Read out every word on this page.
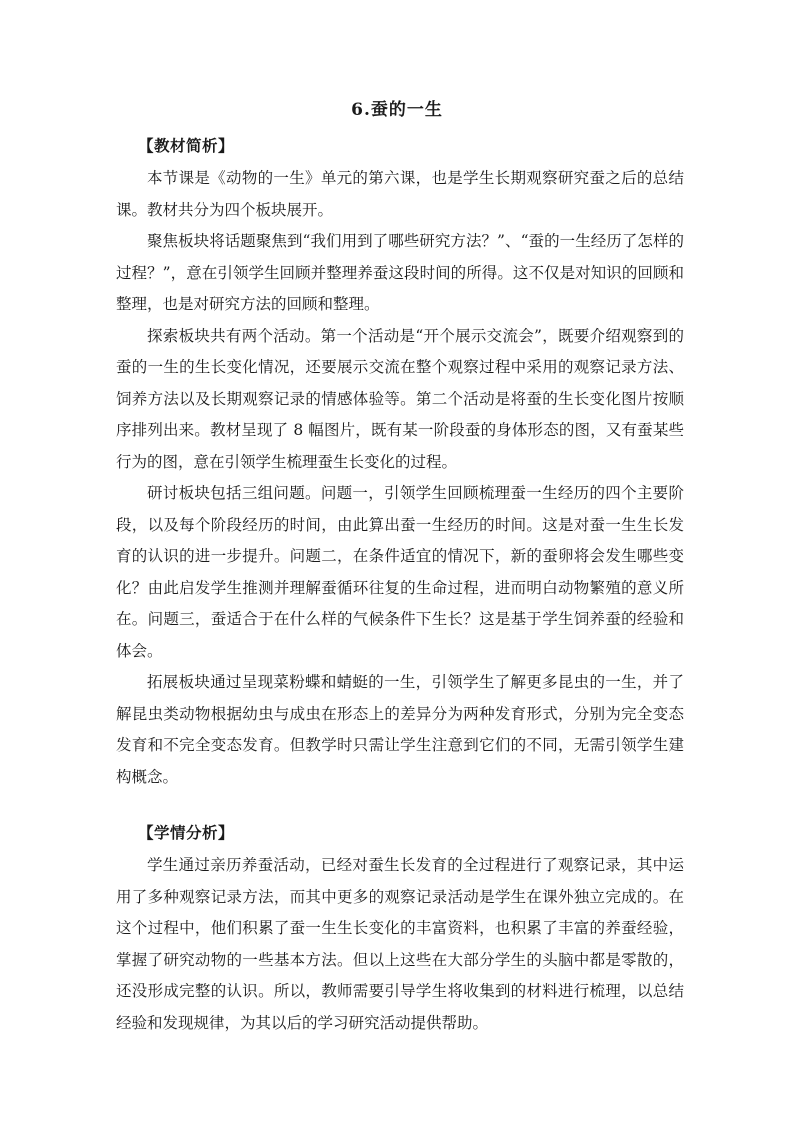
6.蚕的一生
【教材简析】

本节课是《动物的一生》单元的第六课，也是学生长期观察研究蚕之后的总结课。教材共分为四个板块展开。

聚焦板块将话题聚焦到“我们用到了哪些研究方法？”、“蚕的一生经历了怎样的过程？”，意在引领学生回顾并整理养蚕这段时间的所得。这不仅是对知识的回顾和整理，也是对研究方法的回顾和整理。

探索板块共有两个活动。第一个活动是“开个展示交流会”，既要介绍观察到的蚕的一生的生长变化情况，还要展示交流在整个观察过程中采用的观察记录方法、饲养方法以及长期观察记录的情感体验等。第二个活动是将蚕的生长变化图片按顺序排列出来。教材呈现了 8 幅图片，既有某一阶段蚕的身体形态的图，又有蚕某些行为的图，意在引领学生梳理蚕生长变化的过程。

研讨板块包括三组问题。问题一，引领学生回顾梳理蚕一生经历的四个主要阶段，以及每个阶段经历的时间，由此算出蚕一生经历的时间。这是对蚕一生生长发育的认识的进一步提升。问题二，在条件适宜的情况下，新的蚕卵将会发生哪些变化？由此启发学生推测并理解蚕循环往复的生命过程，进而明白动物繁殖的意义所在。问题三，蚕适合于在什么样的气候条件下生长？这是基于学生饲养蚕的经验和体会。

拓展板块通过呈现菜粉蝶和蜻蜓的一生，引领学生了解更多昆虫的一生，并了解昆虫类动物根据幼虫与成虫在形态上的差异分为两种发育形式，分别为完全变态发育和不完全变态发育。但教学时只需让学生注意到它们的不同，无需引领学生建构概念。

【学情分析】

学生通过亲历养蚕活动，已经对蚕生长发育的全过程进行了观察记录，其中运用了多种观察记录方法，而其中更多的观察记录活动是学生在课外独立完成的。在这个过程中，他们积累了蚕一生生长变化的丰富资料，也积累了丰富的养蚕经验，掌握了研究动物的一些基本方法。但以上这些在大部分学生的头脑中都是零散的，还没形成完整的认识。所以，教师需要引导学生将收集到的材料进行梳理，以总结经验和发现规律，为其以后的学习研究活动提供帮助。
